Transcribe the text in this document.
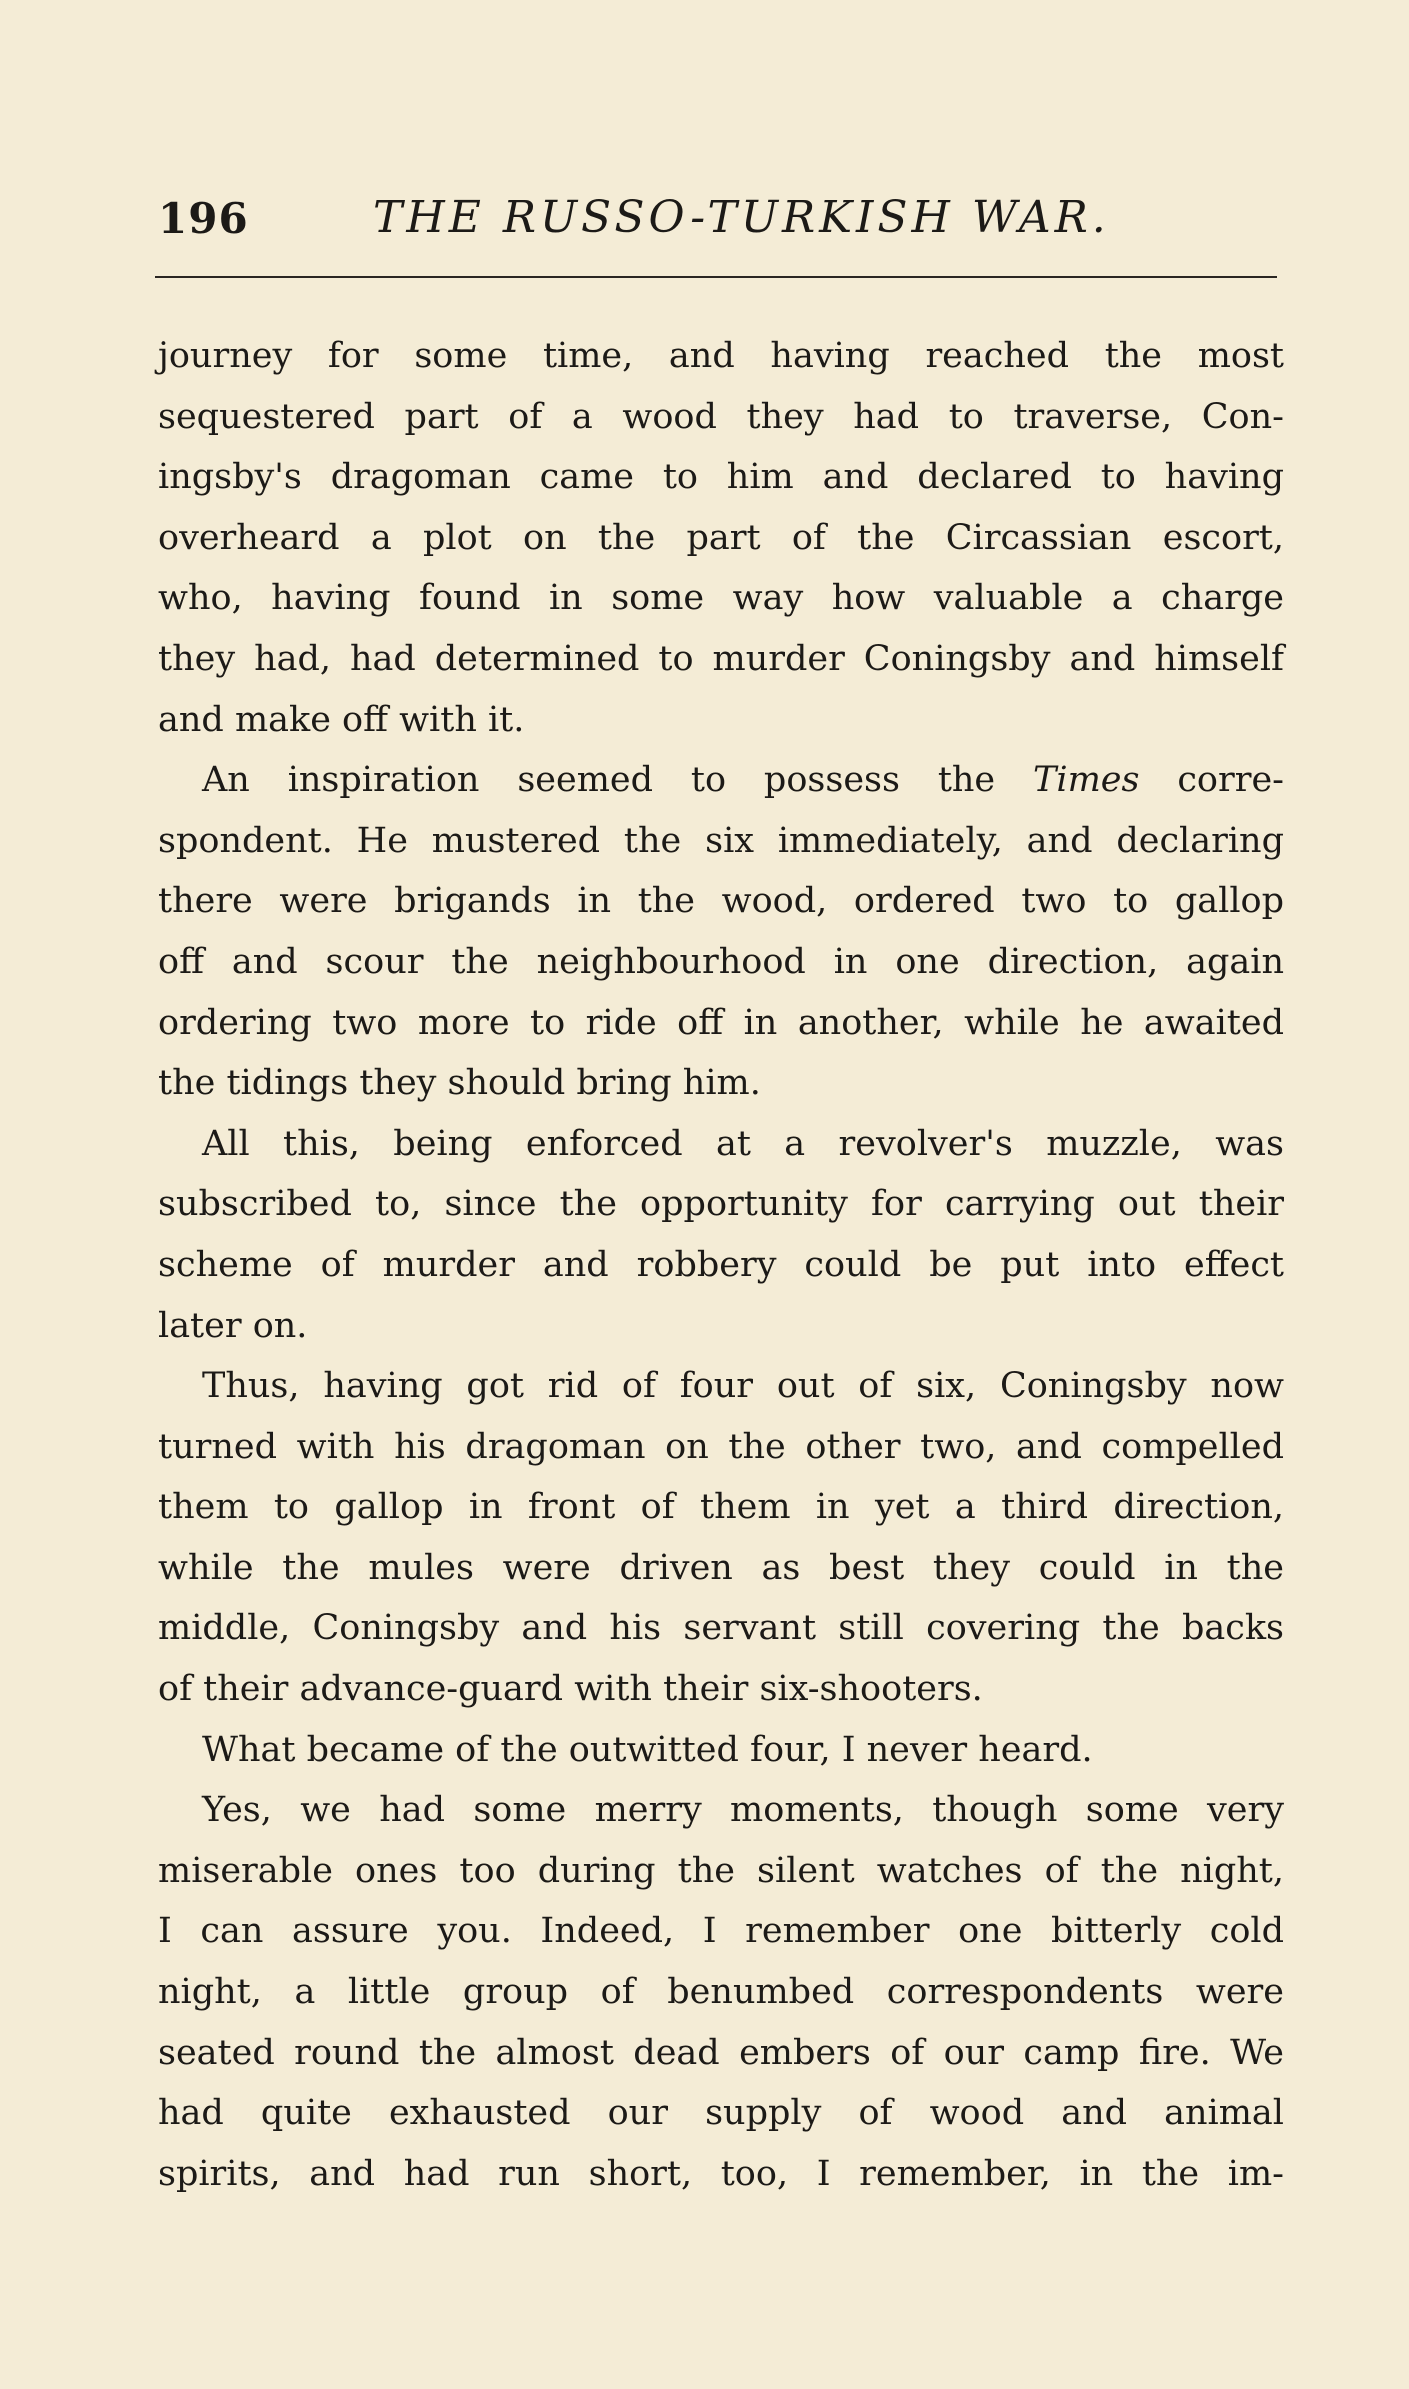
196	THE RUSSO-TURKISH WAR.
journey for some time, and having reached the most
sequestered part of a wood they had to traverse, Con-
ingsby's dragoman came to him and declared to having
overheard a plot on the part of the Circassian escort,
who, having found in some way how valuable a charge
they had, had determined to murder Coningsby and himself
and make off with it.
An inspiration seemed to possess the Times corre-
spondent. He mustered the six immediately, and declaring
there were brigands in the wood, ordered two to gallop
off and scour the neighbourhood in one direction, again
ordering two more to ride off in another, while he awaited
the tidings they should bring him.
All this, being enforced at a revolver's muzzle, was
subscribed to, since the opportunity for carrying out their
scheme of murder and robbery could be put into effect
later on.
Thus, having got rid of four out of six, Coningsby now
turned with his dragoman on the other two, and compelled
them to gallop in front of them in yet a third direction,
while the mules were driven as best they could in the
middle, Coningsby and his servant still covering the backs
of their advance-guard with their six-shooters.
What became of the outwitted four, I never heard.
Yes, we had some merry moments, though some very
miserable ones too during the silent watches of the night,
I can assure you. Indeed, I remember one bitterly cold
night, a little group of benumbed correspondents were
seated round the almost dead embers of our camp fire. We
had quite exhausted our supply of wood and animal
spirits, and had run short, too, I remember, in the im-
